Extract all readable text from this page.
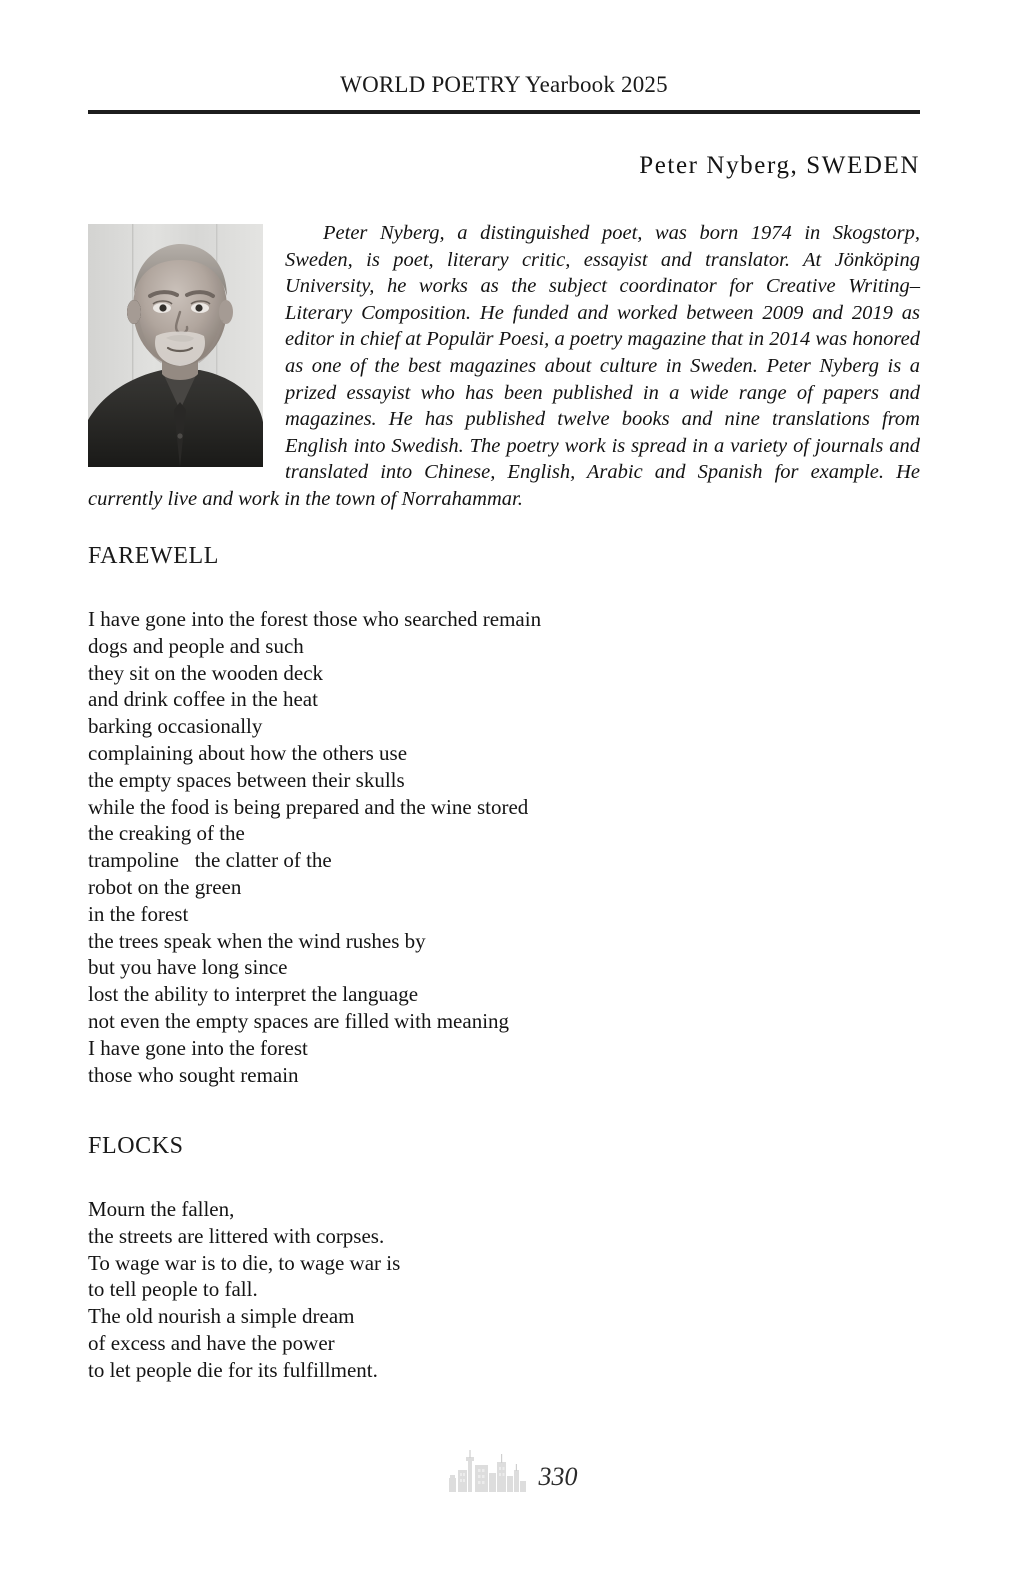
WORLD POETRY Yearbook 2025
Peter Nyberg, SWEDEN
Peter Nyberg, a distinguished poet, was born 1974 in Skogstorp, Sweden, is poet, literary critic, essayist and translator. At Jönköping University, he works as the subject coordinator for Creative Writing–Literary Composition. He funded and worked between 2009 and 2019 as editor in chief at Populär Poesi, a poetry magazine that in 2014 was honored as one of the best magazines about culture in Sweden. Peter Nyberg is a prized essayist who has been published in a wide range of papers and magazines. He has published twelve books and nine translations from English into Swedish. The poetry work is spread in a variety of journals and translated into Chinese, English, Arabic and Spanish for example. He currently live and work in the town of Norrahammar.
FAREWELL
I have gone into the forest those who searched remain
dogs and people and such
they sit on the wooden deck
and drink coffee in the heat
barking occasionally
complaining about how the others use
the empty spaces between their skulls
while the food is being prepared and the wine stored
the creaking of the
trampoline   the clatter of the
robot on the green
in the forest
the trees speak when the wind rushes by
but you have long since
lost the ability to interpret the language
not even the empty spaces are filled with meaning
I have gone into the forest
those who sought remain
FLOCKS
Mourn the fallen,
the streets are littered with corpses.
To wage war is to die, to wage war is
to tell people to fall.
The old nourish a simple dream
of excess and have the power
to let people die for its fulfillment.
330
